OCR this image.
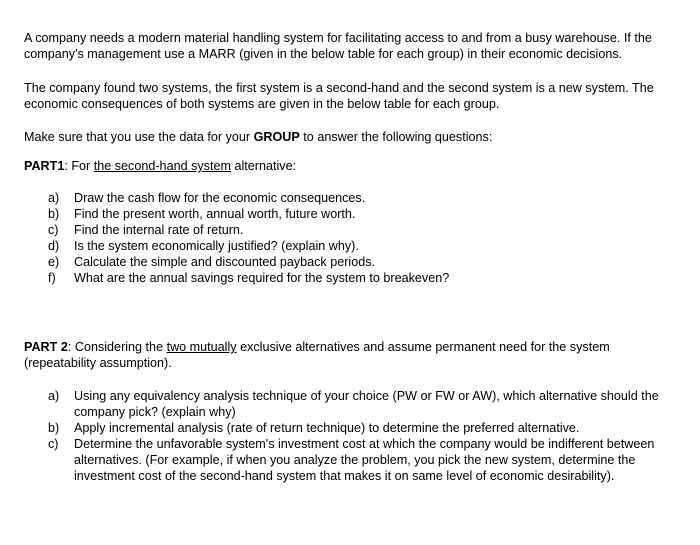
A company needs a modern material handling system for facilitating access to and from a busy warehouse. If the company's management use a MARR (given in the below table for each group) in their economic decisions.

The company found two systems, the first system is a second-hand and the second system is a new system. The economic consequences of both systems are given in the below table for each group.

Make sure that you use the data for your GROUP to answer the following questions:

PART1: For the second-hand system alternative:

a) Draw the cash flow for the economic consequences.
b) Find the present worth, annual worth, future worth.
c) Find the internal rate of return.
d) Is the system economically justified? (explain why).
e) Calculate the simple and discounted payback periods.
f) What are the annual savings required for the system to breakeven?

PART 2: Considering the two mutually exclusive alternatives and assume permanent need for the system (repeatability assumption).

a) Using any equivalency analysis technique of your choice (PW or FW or AW), which alternative should the company pick? (explain why)
b) Apply incremental analysis (rate of return technique) to determine the preferred alternative.
c) Determine the unfavorable system's investment cost at which the company would be indifferent between alternatives. (For example, if when you analyze the problem, you pick the new system, determine the investment cost of the second-hand system that makes it on same level of economic desirability).
